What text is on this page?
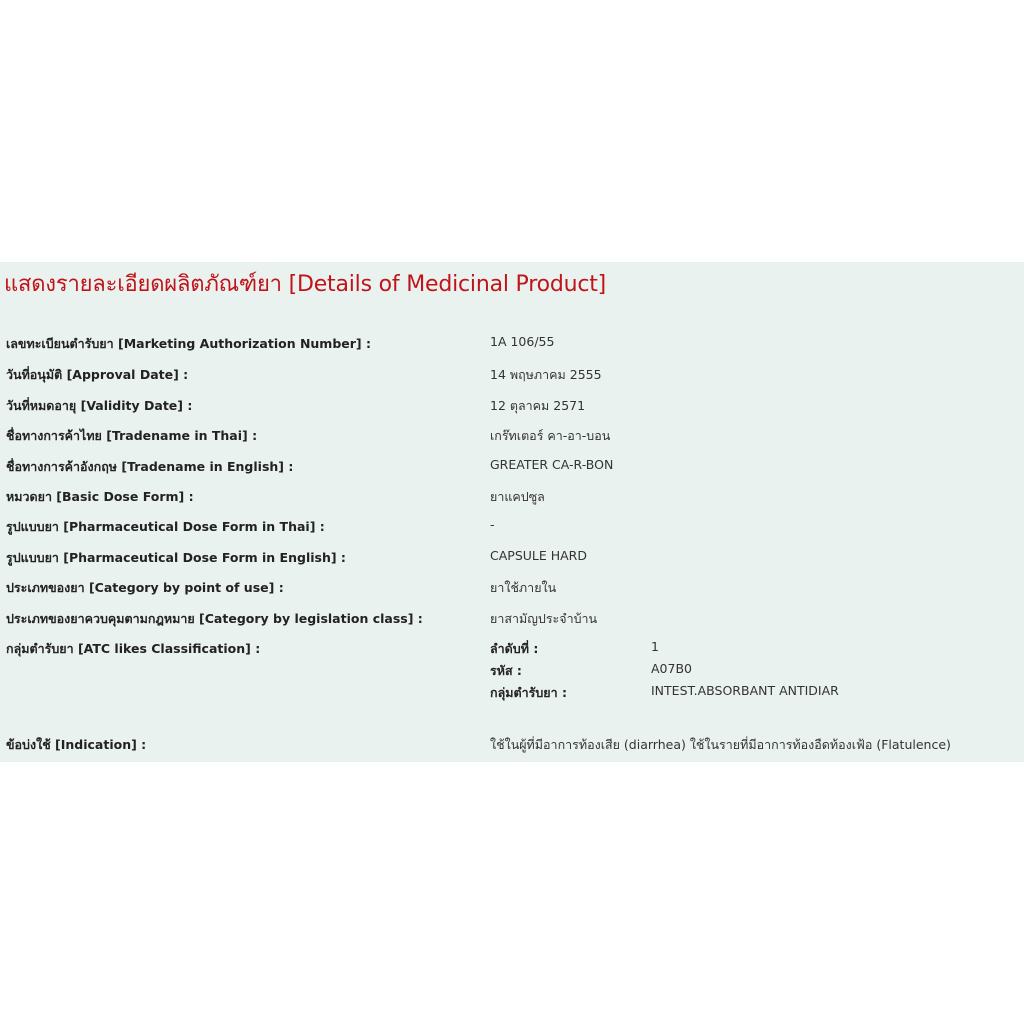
แสดงรายละเอียดผลิตภัณฑ์ยา [Details of Medicinal Product]
เลขทะเบียนตำรับยา [Marketing Authorization Number] :	1A 106/55
วันที่อนุมัติ [Approval Date] :	14 พฤษภาคม 2555
วันที่หมดอายุ [Validity Date] :	12 ตุลาคม 2571
ชื่อทางการค้าไทย [Tradename in Thai] :	เกร๊ทเตอร์ คา-อา-บอน
ชื่อทางการค้าอังกฤษ [Tradename in English] :	GREATER CA-R-BON
หมวดยา [Basic Dose Form] :	ยาแคปซูล
รูปแบบยา [Pharmaceutical Dose Form in Thai] :	-
รูปแบบยา [Pharmaceutical Dose Form in English] :	CAPSULE HARD
ประเภทของยา [Category by point of use] :	ยาใช้ภายใน
ประเภทของยาควบคุมตามกฎหมาย [Category by legislation class] :	ยาสามัญประจำบ้าน
กลุ่มตำรับยา [ATC likes Classification] :	ลำดับที่ :	1
รหัส :	A07B0
กลุ่มตำรับยา :	INTEST.ABSORBANT ANTIDIAR
ข้อบ่งใช้ [Indication] :	ใช้ในผู้ที่มีอาการท้องเสีย (diarrhea) ใช้ในรายที่มีอาการท้องอืดท้องเฟ้อ (Flatulence)
